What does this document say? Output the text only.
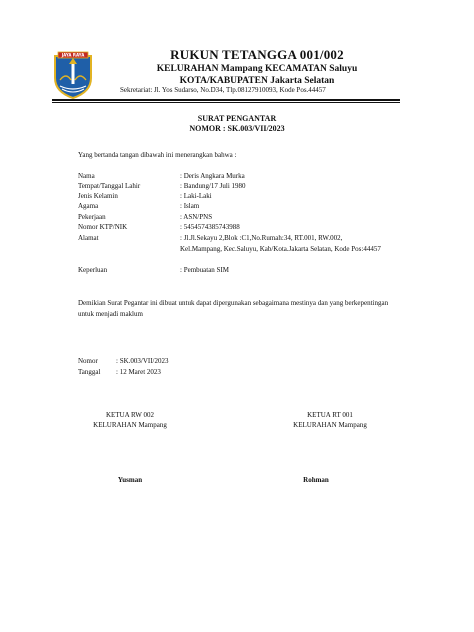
JAYA RAYA	RUKUN TETANGGA 001/002
KELURAHAN Mampang KECAMATAN Saluyu
KOTA/KABUPATEN Jakarta Selatan
Sekretariat: Jl. Yos Sudarso, No.D34, Tlp.08127910093, Kode Pos.44457
SURAT PENGANTAR
NOMOR : SK.003/VII/2023
Yang bertanda tangan dibawah ini menerangkan bahwa :
Nama	: Deris Angkara Murka
Tempat/Tanggal Lahir	: Bandung/17 Juli 1980
Jenis Kelamin	: Laki-Laki
Agama	: Islam
Pekerjaan	: ASN/PNS
Nomor KTP/NIK	: 5454574385743988
Alamat	: Jl.Jl.Sekayu 2,Blok :C1,No.Rumah:34, RT.001, RW.002,
Kel.Mampang, Kec.Saluyu, Kab/Kota.Jakarta Selatan, Kode Pos:44457
Keperluan	: Pembuatan SIM
Demikian Surat Pegantar ini dibuat untuk dapat dipergunakan sebagaimana mestinya dan yang berkepentingan untuk menjadi maklum
Nomor	: SK.003/VII/2023
Tanggal : 12 Maret 2023
KETUA RW 002
KELURAHAN Mampang
KETUA RT 001
KELURAHAN Mampang
Yusman	Rohman
